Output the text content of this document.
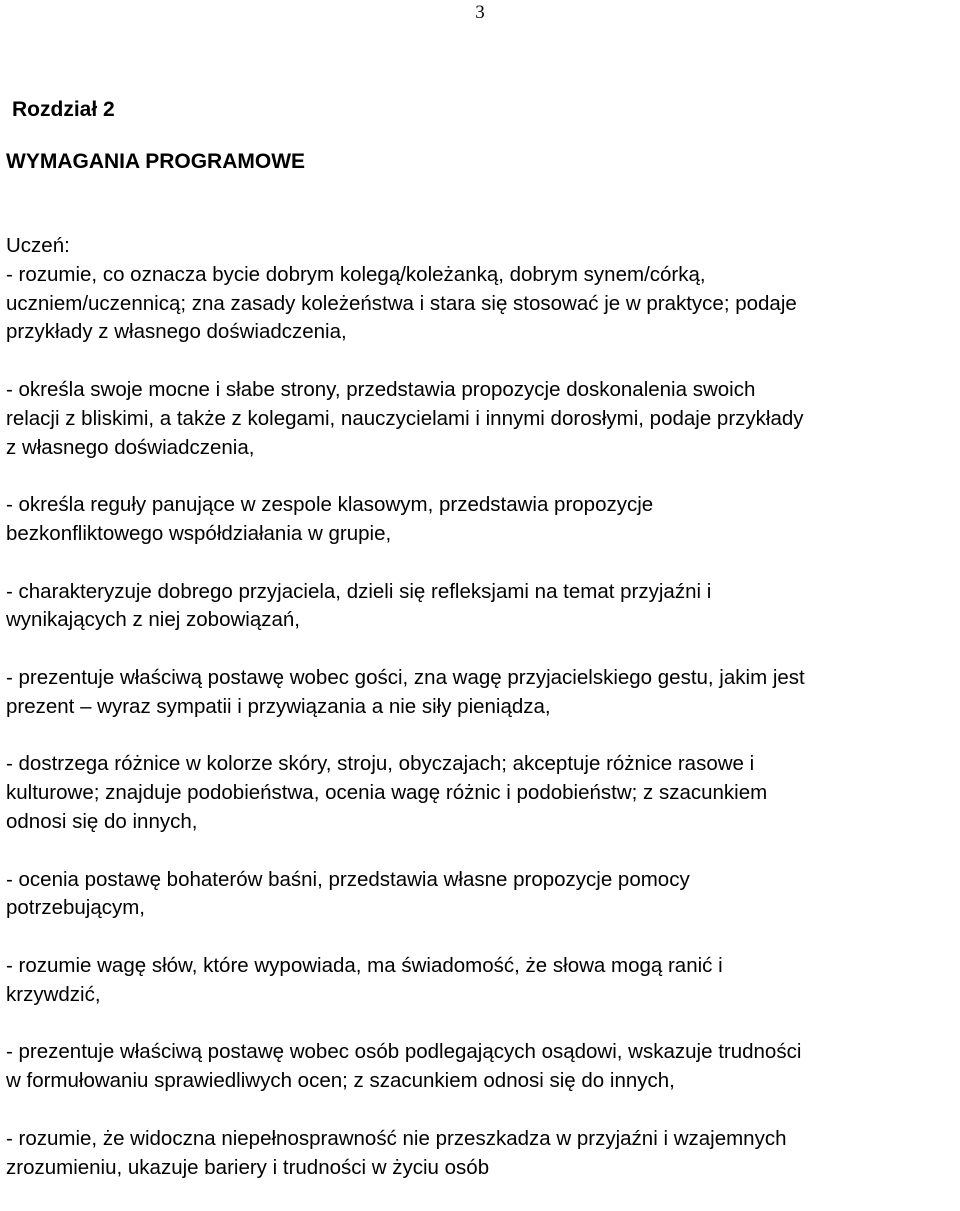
3
Rozdział 2
WYMAGANIA PROGRAMOWE

Uczeń:

- rozumie, co oznacza bycie dobrym kolegą/koleżanką, dobrym synem/córką,
uczniem/uczennicą; zna zasady koleżeństwa i stara się stosować je w praktyce; podaje
przykłady z własnego doświadczenia,

- określa swoje mocne i słabe strony, przedstawia propozycje doskonalenia swoich
relacji z bliskimi, a także z kolegami, nauczycielami i innymi dorosłymi, podaje przykłady
z własnego doświadczenia,

- określa reguły panujące w zespole klasowym, przedstawia propozycje
bezkonfliktowego współdziałania w grupie,

- charakteryzuje dobrego przyjaciela, dzieli się refleksjami na temat przyjaźni i
wynikających z niej zobowiązań,

- prezentuje właściwą postawę wobec gości, zna wagę przyjacielskiego gestu, jakim jest
prezent – wyraz sympatii i przywiązania a nie siły pieniądza,

- dostrzega różnice w kolorze skóry, stroju, obyczajach; akceptuje różnice rasowe i
kulturowe; znajduje podobieństwa, ocenia wagę różnic i podobieństw; z szacunkiem
odnosi się do innych,

- ocenia postawę bohaterów baśni, przedstawia własne propozycje pomocy
potrzebującym,

- rozumie wagę słów, które wypowiada, ma świadomość, że słowa mogą ranić i
krzywdzić,

- prezentuje właściwą postawę wobec osób podlegających osądowi, wskazuje trudności
w formułowaniu sprawiedliwych ocen; z szacunkiem odnosi się do innych,

- rozumie, że widoczna niepełnosprawność nie przeszkadza w przyjaźni i wzajemnych
zrozumieniu, ukazuje bariery i trudności w życiu osób
